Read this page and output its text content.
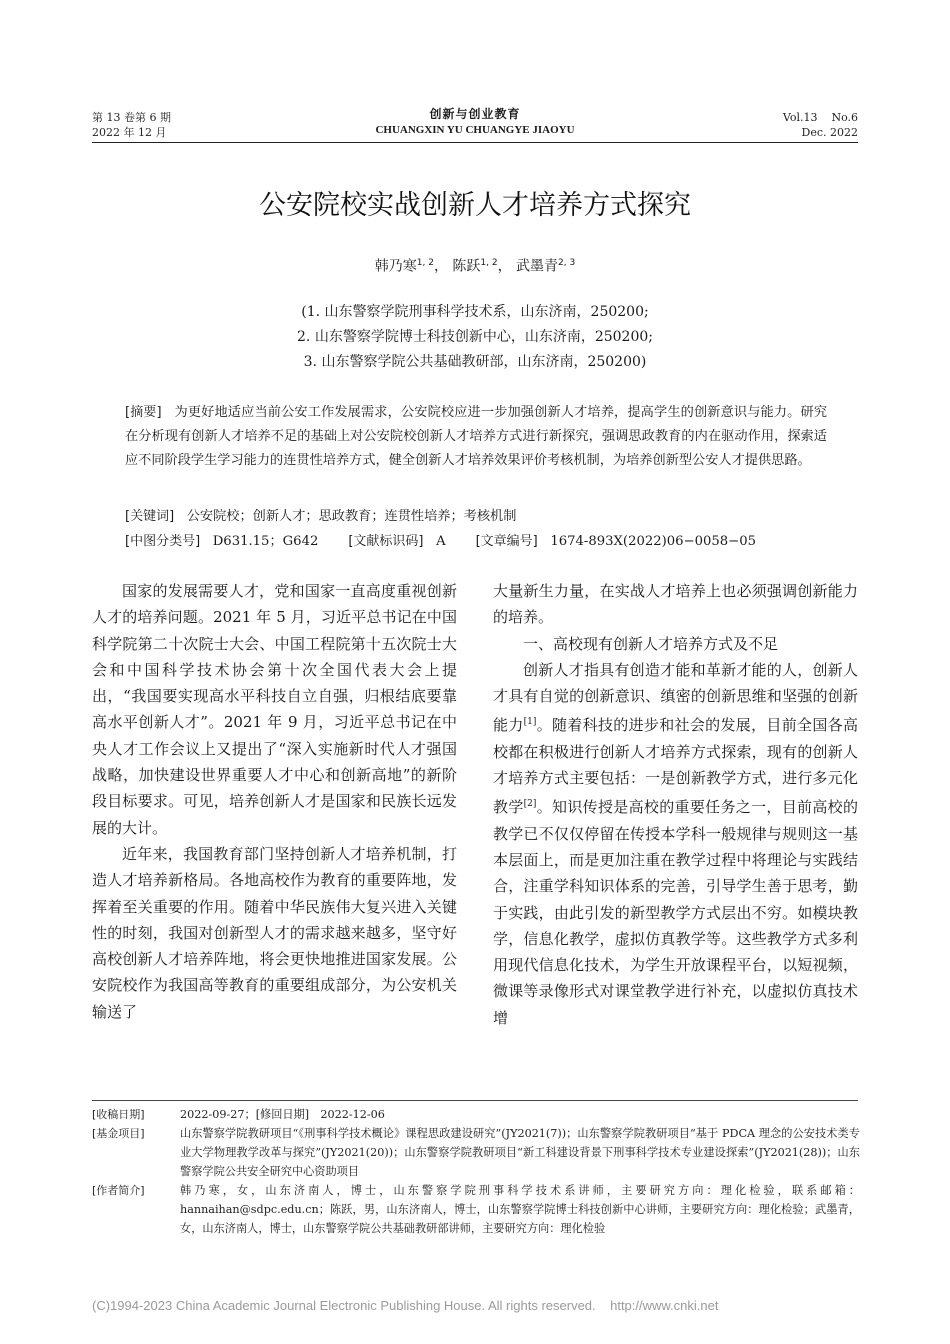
第 13 卷第 6 期
2022 年 12 月
创新与创业教育
CHUANGXIN YU CHUANGYE JIAOYU
Vol.13    No.6
Dec. 2022
公安院校实战创新人才培养方式探究
韩乃寒$^{1, 2}$， 陈跃$^{1, 2}$， 武墨青$^{2, 3}$
(1. 山东警察学院刑事科学技术系，山东济南，250200;
2. 山东警察学院博士科技创新中心，山东济南，250200;
3. 山东警察学院公共基础教研部，山东济南，250200)
[摘要] 为更好地适应当前公安工作发展需求，公安院校应进一步加强创新人才培养，提高学生的创新意识与能力。研究在分析现有创新人才培养不足的基础上对公安院校创新人才培养方式进行新探究，强调思政教育的内在驱动作用，探索适应不同阶段学生学习能力的连贯性培养方式，健全创新人才培养效果评价考核机制，为培养创新型公安人才提供思路。
[关键词] 公安院校；创新人才；思政教育；连贯性培养；考核机制
[中图分类号] D631.15；G642 [文献标识码] A [文章编号] 1674-893X(2022)06−0058−05

国家的发展需要人才，党和国家一直高度重视创新人才的培养问题。2021 年 5 月，习近平总书记在中国科学院第二十次院士大会、中国工程院第十五次院士大会和中国科学技术协会第十次全国代表大会上提出，“我国要实现高水平科技自立自强，归根结底要靠高水平创新人才”。2021 年 9 月，习近平总书记在中央人才工作会议上又提出了“深入实施新时代人才强国战略，加快建设世界重要人才中心和创新高地”的新阶段目标要求。可见，培养创新人才是国家和民族长远发展的大计。

近年来，我国教育部门坚持创新人才培养机制，打造人才培养新格局。各地高校作为教育的重要阵地，发挥着至关重要的作用。随着中华民族伟大复兴进入关键性的时刻，我国对创新型人才的需求越来越多，坚守好高校创新人才培养阵地，将会更快地推进国家发展。公安院校作为我国高等教育的重要组成部分，为公安机关输送了

大量新生力量，在实战人才培养上也必须强调创新能力的培养。

一、高校现有创新人才培养方式及不足

创新人才指具有创造才能和革新才能的人，创新人才具有自觉的创新意识、缜密的创新思维和坚强的创新能力[1]。随着科技的进步和社会的发展，目前全国各高校都在积极进行创新人才培养方式探索，现有的创新人才培养方式主要包括：一是创新教学方式，进行多元化教学[2]。知识传授是高校的重要任务之一，目前高校的教学已不仅仅停留在传授本学科一般规律与规则这一基本层面上，而是更加注重在教学过程中将理论与实践结合，注重学科知识体系的完善，引导学生善于思考，勤于实践，由此引发的新型教学方式层出不穷。如模块教学，信息化教学，虚拟仿真教学等。这些教学方式多利用现代信息化技术，为学生开放课程平台，以短视频，微课等录像形式对课堂教学进行补充，以虚拟仿真技术增

[收稿日期]	2022-09-27；[修回日期]　2022-12-06
[基金项目]	山东警察学院教研项目“《刑事科学技术概论》课程思政建设研究”(JY2021(7))；山东警察学院教研项目“基于 PDCA 理念的公安技术类专业大学物理教学改革与探究”(JY2021(20))；山东警察学院教研项目“新工科建设背景下刑事科学技术专业建设探索”(JY2021(28))；山东警察学院公共安全研究中心资助项目
[作者简介]	韩乃寒，女，山东济南人，博士，山东警察学院刑事科学技术系讲师，主要研究方向：理化检验，联系邮箱：hannaihan@sdpc.edu.cn；陈跃，男，山东济南人，博士，山东警察学院博士科技创新中心讲师，主要研究方向：理化检验；武墨青，女，山东济南人，博士，山东警察学院公共基础教研部讲师，主要研究方向：理化检验
(C)1994-2023 China Academic Journal Electronic Publishing House. All rights reserved.    http://www.cnki.net
